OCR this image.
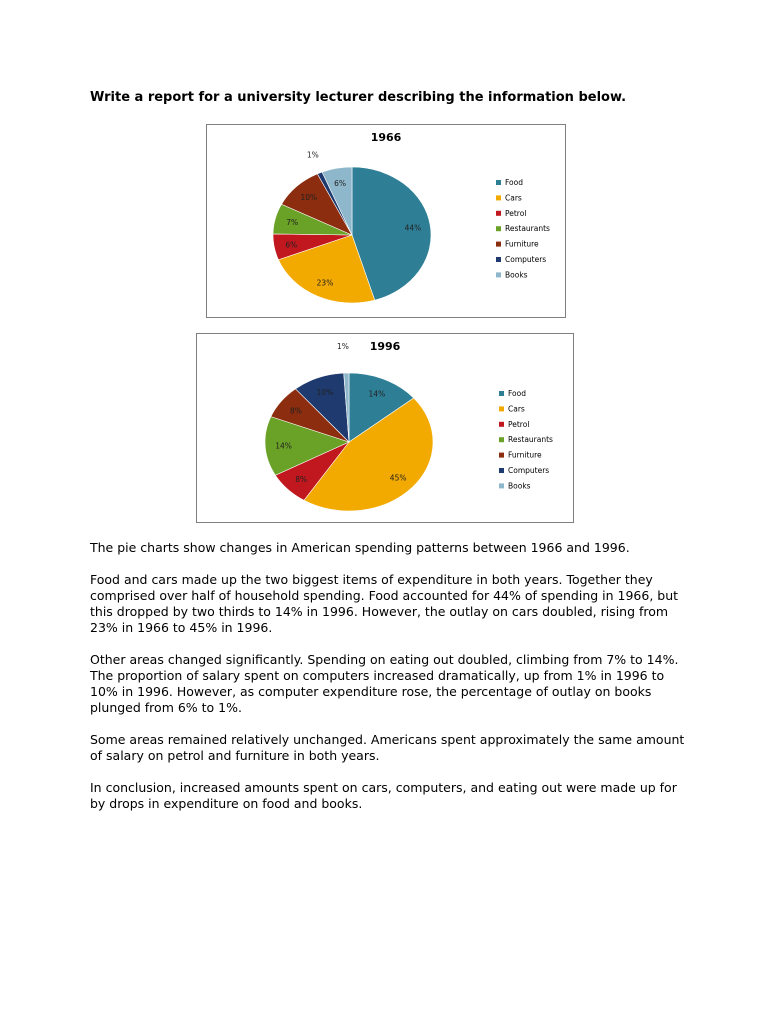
Write a report for a university lecturer describing the information below.
1966
44%
23%
6%
7%
10%
1%
6%	Food
Cars
Petrol
Restaurants
Furniture
Computers
Books
1996
14%
45%
8%
14%
8%
10%
1%
Food
Cars
Petrol
Restaurants
Furniture
Computers
Books

The pie charts show changes in American spending patterns between 1966 and 1996.

Food and cars made up the two biggest items of expenditure in both years. Together they comprised over half of household spending. Food accounted for 44% of spending in 1966, but this dropped by two thirds to 14% in 1996. However, the outlay on cars doubled, rising from 23% in 1966 to 45% in 1996.

Other areas changed significantly. Spending on eating out doubled, climbing from 7% to 14%. The proportion of salary spent on computers increased dramatically, up from 1% in 1996 to 10% in 1996. However, as computer expenditure rose, the percentage of outlay on books plunged from 6% to 1%.

Some areas remained relatively unchanged. Americans spent approximately the same amount of salary on petrol and furniture in both years.

In conclusion, increased amounts spent on cars, computers, and eating out were made up for by drops in expenditure on food and books.
